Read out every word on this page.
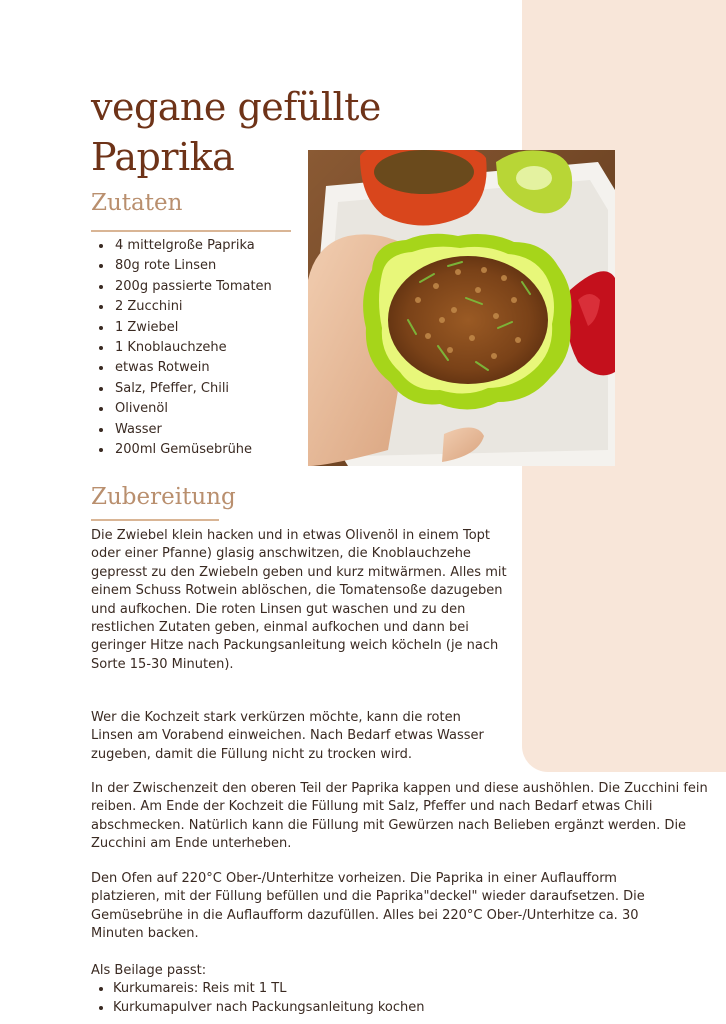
vegane gefüllte
Paprika
Zutaten
• 4 mittelgroße Paprika
• 80g rote Linsen
• 200g passierte Tomaten
• 2 Zucchini
• 1 Zwiebel
• 1 Knoblauchzehe
• etwas Rotwein
• Salz, Pfeffer, Chili
• Olivenöl
• Wasser
• 200ml Gemüsebrühe
Zubereitung

Die Zwiebel klein hacken und in etwas Olivenöl in einem Topt oder einer Pfanne) glasig anschwitzen, die Knoblauchzehe gepresst zu den Zwiebeln geben und kurz mitwärmen. Alles mit einem Schuss Rotwein ablöschen, die Tomatensoße dazugeben und aufkochen. Die roten Linsen gut waschen und zu den restlichen Zutaten geben, einmal aufkochen und dann bei geringer Hitze nach Packungsanleitung weich köcheln (je nach Sorte 15-30 Minuten).

Wer die Kochzeit stark verkürzen möchte, kann die roten Linsen am Vorabend einweichen. Nach Bedarf etwas Wasser zugeben, damit die Füllung nicht zu trocken wird.

In der Zwischenzeit den oberen Teil der Paprika kappen und diese aushöhlen. Die Zucchini fein reiben. Am Ende der Kochzeit die Füllung mit Salz, Pfeffer und nach Bedarf etwas Chili abschmecken. Natürlich kann die Füllung mit Gewürzen nach Belieben ergänzt werden. Die Zucchini am Ende unterheben.

Den Ofen auf 220°C Ober-/Unterhitze vorheizen. Die Paprika in einer Auflaufform platzieren, mit der Füllung befüllen und die Paprika"deckel" wieder daraufsetzen. Die Gemüsebrühe in die Auflaufform dazufüllen. Alles bei 220°C Ober-/Unterhitze ca. 30 Minuten backen.

Als Beilage passt:

• Kurkumareis: Reis mit 1 TL
• Kurkumapulver nach Packungsanleitung kochen
